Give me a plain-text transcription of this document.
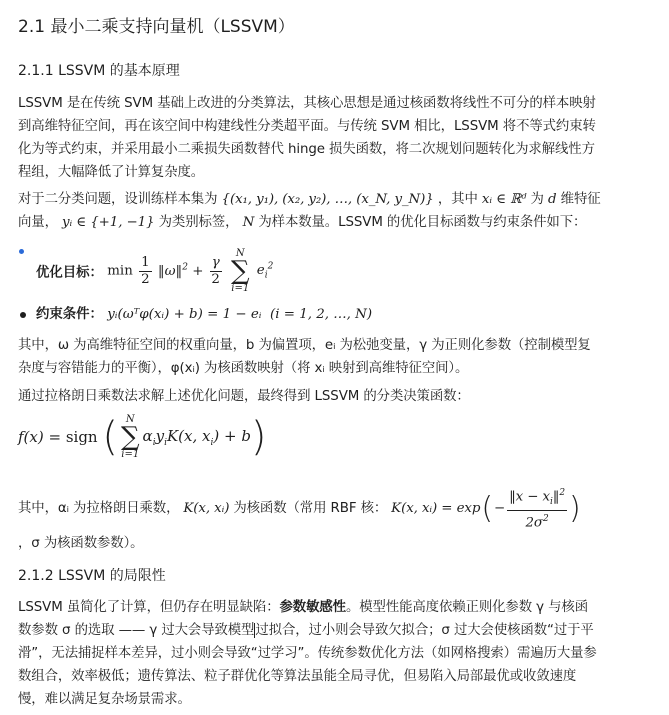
2.1 最小二乘支持向量机（LSSVM）
2.1.1 LSSVM 的基本原理
LSSVM 是在传统 SVM 基础上改进的分类算法，其核心思想是通过核函数将线性不可分的样本映射
到高维特征空间，再在该空间中构建线性分类超平面。与传统 SVM 相比，LSSVM 将不等式约束转
化为等式约束，并采用最小二乘损失函数替代 hinge 损失函数，将二次规划问题转化为求解线性方
程组，大幅降低了计算复杂度。
对于二分类问题，设训练样本集为 {(x₁, y₁), (x₂, y₂), …, (x_N, y_N)} ，其中 xᵢ ∈ ℝᵈ 为 d 维特征
向量， yᵢ ∈ {+1, −1} 为类别标签， N 为样本数量。LSSVM 的优化目标函数与约束条件如下：
优化目标： $\min \frac{1}{2}$ ‖ω‖$^2$ + $\frac{\gamma}{2}$

N
∑
i=1
$e_i^2$
约束条件： yᵢ(ωᵀφ(xᵢ) + b) = 1 − eᵢ (i = 1, 2, …, N)
其中，ω 为高维特征空间的权重向量，b 为偏置项，eᵢ 为松弛变量，γ 为正则化参数（控制模型复
杂度与容错能力的平衡），φ(xᵢ) 为核函数映射（将 xᵢ 映射到高维特征空间）。
通过拉格朗日乘数法求解上述优化问题，最终得到 LSSVM 的分类决策函数：
f(x) = sign ( N
∑
i=1
$\alpha_iy_iK(x$, $x_i) + b$)
其中，αᵢ 为拉格朗日乘数， K(x, xᵢ) 为核函数（常用 RBF 核： K(x, xᵢ) = exp ( − $\frac{‖x - x_i‖^2}{2\sigma^2}$ )
，σ 为核函数参数）。
2.1.2 LSSVM 的局限性
LSSVM 虽简化了计算，但仍存在明显缺陷：参数敏感性。模型性能高度依赖正则化参数 γ 与核函
数参数 σ 的选取 —— γ 过大会导致模型过拟合，过小则会导致欠拟合；σ 过大会使核函数“过于平
滑”，无法捕捉样本差异，过小则会导致“过学习”。传统参数优化方法（如网格搜索）需遍历大量参
数组合，效率极低；遗传算法、粒子群优化等算法虽能全局寻优，但易陷入局部最优或收敛速度
慢，难以满足复杂场景需求。
